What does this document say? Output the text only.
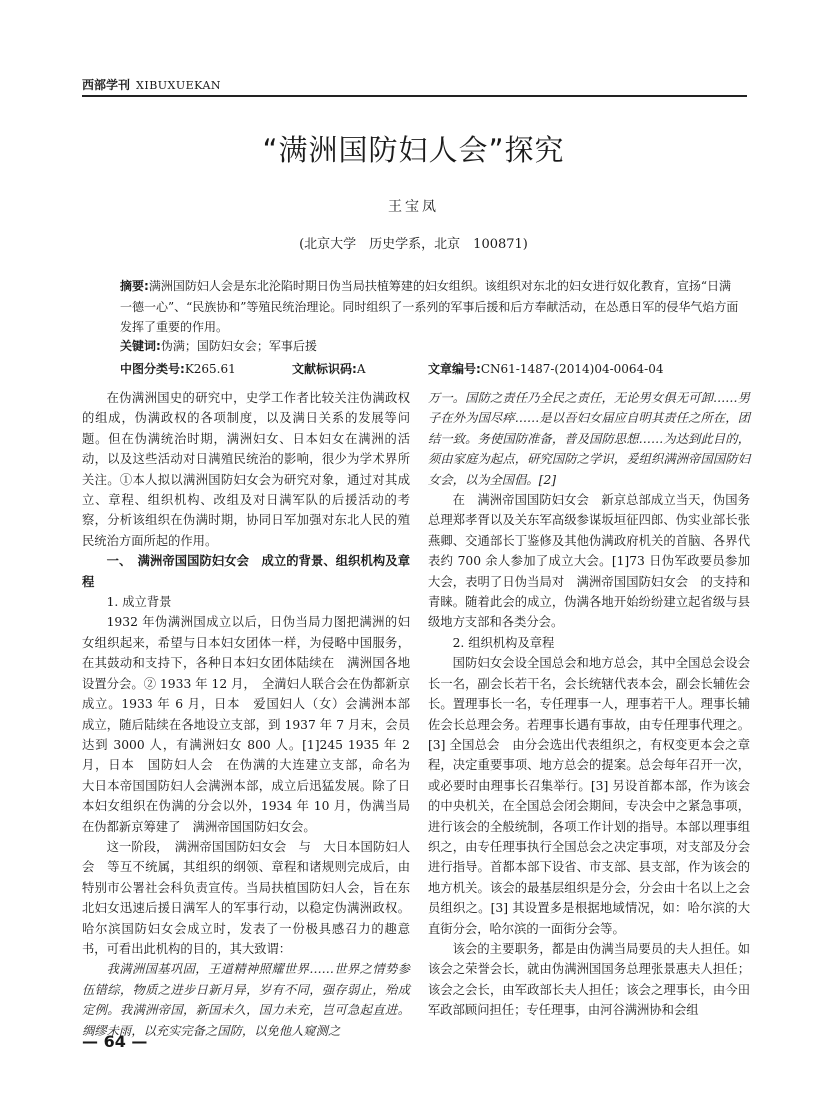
西部学刊 XIBUXUEKAN
“满洲国防妇人会”探究
王宝凤
(北京大学　历史学系，北京　100871)
摘要:满洲国防妇人会是东北沦陷时期日伪当局扶植筹建的妇女组织。该组织对东北的妇女进行奴化教育，宣扬“日满一德一心”、“民族协和”等殖民统治理论。同时组织了一系列的军事后援和后方奉献活动，在怂恿日军的侵华气焰方面发挥了重要的作用。
关键词:伪满；国防妇女会；军事后援
中图分类号:K265.61	文献标识码:A	文章编号:CN61-1487-(2014)04-0064-04

在伪满洲国史的研究中，史学工作者比较关注伪满政权的组成，伪满政权的各项制度，以及满日关系的发展等问题。但在伪满统治时期，满洲妇女、日本妇女在满洲的活动，以及这些活动对日满殖民统治的影响，很少为学术界所关注。①本人拟以满洲国防妇女会为研究对象，通过对其成立、章程、组织机构、改组及对日满军队的后援活动的考察，分析该组织在伪满时期，协同日军加强对东北人民的殖民统治方面所起的作用。

一、　满洲帝国国防妇女会　成立的背景、组织机构及章程

1. 成立背景

1932 年伪满洲国成立以后，日伪当局力图把满洲的妇女组织起来，希望与日本妇女团体一样，为侵略中国服务，在其鼓动和支持下，各种日本妇女团体陆续在　满洲国各地　设置分会。② 1933 年 12 月，　全満妇人联合会在伪都新京成立。1933 年 6 月，日本　爱国妇人（女）会满洲本部　成立，随后陆续在各地设立支部，到 1937 年 7 月末，会员达到 3000 人，有满洲妇女 800 人。[1]245 1935 年 2 月，日本　国防妇人会　在伪满的大连建立支部，命名为　大日本帝国国防妇人会满洲本部，成立后迅猛发展。除了日本妇女组织在伪满的分会以外，1934 年 10 月，伪满当局在伪都新京筹建了　满洲帝国国防妇女会。

这一阶段，　满洲帝国国防妇女会　与　大日本国防妇人会　等互不统属，其组织的纲领、章程和诸规则完成后，由特别市公署社会科负责宣传。当局扶植国防妇人会，旨在东北妇女迅速后援日满军人的军事行动，以稳定伪满洲政权。哈尔滨国防妇女会成立时，发表了一份极具感召力的趣意书，可看出此机构的目的，其大致谓：

我满洲国基巩固，王道精神照耀世界……世界之情势参伍错综，物质之进步日新月异，岁有不同，强存弱止，殆成定例。我满洲帝国，新国未久，国力未充，岂可急起直进。绸缪未雨，以充实完备之国防，以免他人窥测之

万一。国防之责任乃全民之责任，无论男女俱无可卸……男子在外为国尽瘁……是以吾妇女届应自明其责任之所在，团结一致。务使国防准备，普及国防思想……为达到此目的，须由家庭为起点，研究国防之学识，爰组织满洲帝国国防妇女会，以为全国倡。[2]

在　满洲帝国国防妇女会　新京总部成立当天，伪国务总理郑孝胥以及关东军高级参谋坂垣征四郎、伪实业部长张燕卿、交通部长丁鉴修及其他伪满政府机关的首脑、各界代表约 700 余人参加了成立大会。[1]73 日伪军政要员参加大会，表明了日伪当局对　满洲帝国国防妇女会　的支持和青睐。随着此会的成立，伪满各地开始纷纷建立起省级与县级地方支部和各类分会。

2. 组织机构及章程

国防妇女会设全国总会和地方总会，其中全国总会设会长一名，副会长若干名，会长统辖代表本会，副会长辅佐会长。置理事长一名，专任理事一人，理事若干人。理事长辅佐会长总理会务。若理事长遇有事故，由专任理事代理之。[3] 全国总会　由分会选出代表组织之，有权变更本会之章程，决定重要事项、地方总会的提案。总会每年召开一次，或必要时由理事长召集举行。[3] 另设首都本部，作为该会的中央机关，在全国总会闭会期间，专决会中之紧急事项，进行该会的全般统制，各项工作计划的指导。本部以理事组织之，由专任理事执行全国总会之决定事项，对支部及分会进行指导。首都本部下设省、市支部、县支部，作为该会的地方机关。该会的最基层组织是分会，分会由十名以上之会员组织之。[3] 其设置多是根据地域情况，如：哈尔滨的大直街分会，哈尔滨的一面街分会等。

该会的主要职务，都是由伪满当局要员的夫人担任。如该会之荣誉会长，就由伪满洲国国务总理张景惠夫人担任；该会之会长，由军政部长夫人担任；该会之理事长，由今田军政部顾问担任；专任理事，由河谷满洲协和会组

— 64 —
